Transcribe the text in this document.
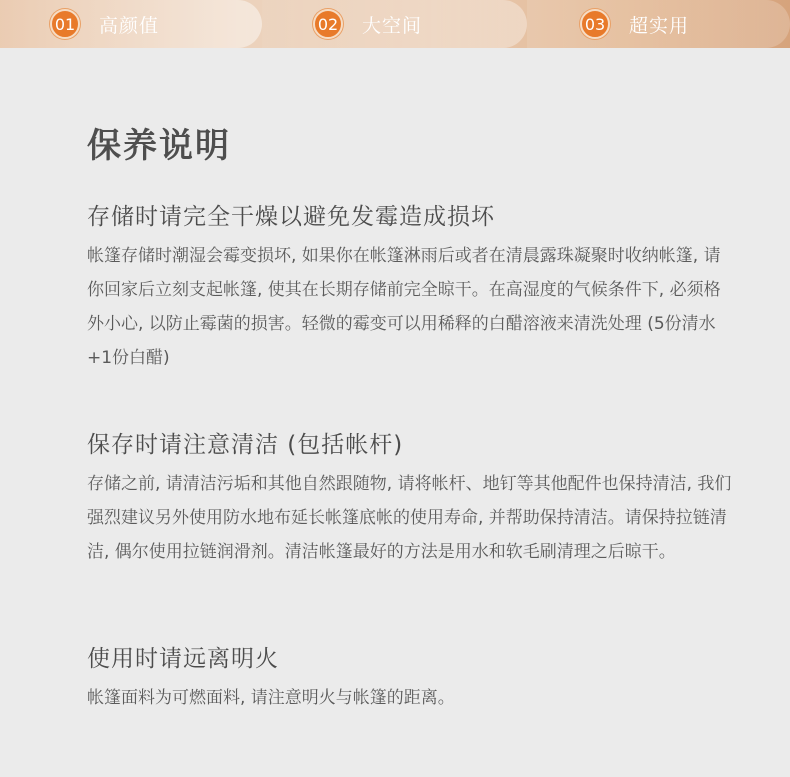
01 高颜值	02 大空间	03 超实用
保养说明
存储时请完全干燥以避免发霉造成损坏

帐篷存储时潮湿会霉变损坏, 如果你在帐篷淋雨后或者在清晨露珠凝聚时收纳帐篷, 请你回家后立刻支起帐篷, 使其在长期存储前完全晾干。在高湿度的气候条件下, 必须格外小心, 以防止霉菌的损害。轻微的霉变可以用稀释的白醋溶液来清洗处理 (5份清水+1份白醋)

保存时请注意清洁 (包括帐杆)

存储之前, 请清洁污垢和其他自然跟随物, 请将帐杆、地钉等其他配件也保持清洁, 我们强烈建议另外使用防水地布延长帐篷底帐的使用寿命, 并帮助保持清洁。请保持拉链清洁, 偶尔使用拉链润滑剂。清洁帐篷最好的方法是用水和软毛刷清理之后晾干。

使用时请远离明火

帐篷面料为可燃面料, 请注意明火与帐篷的距离。
